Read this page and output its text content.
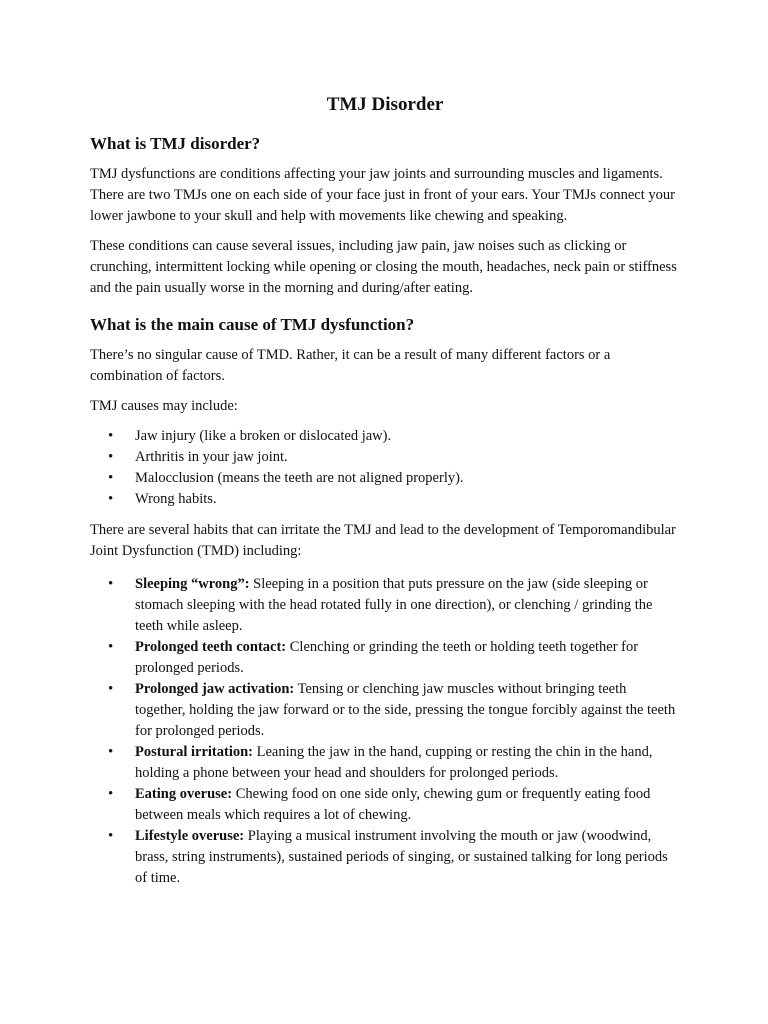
TMJ Disorder
What is TMJ disorder?

TMJ dysfunctions are conditions affecting your jaw joints and surrounding muscles and ligaments. There are two TMJs one on each side of your face just in front of your ears. Your TMJs connect your lower jawbone to your skull and help with movements like chewing and speaking.

These conditions can cause several issues, including jaw pain, jaw noises such as clicking or crunching, intermittent locking while opening or closing the mouth, headaches, neck pain or stiffness and the pain usually worse in the morning and during/after eating.

What is the main cause of TMJ dysfunction?

There’s no singular cause of TMD. Rather, it can be a result of many different factors or a combination of factors.

TMJ causes may include:

• Jaw injury (like a broken or dislocated jaw).
• Arthritis in your jaw joint.
• Malocclusion (means the teeth are not aligned properly).
• Wrong habits.

There are several habits that can irritate the TMJ and lead to the development of Temporomandibular Joint Dysfunction (TMD) including:

• Sleeping “wrong”: Sleeping in a position that puts pressure on the jaw (side sleeping or stomach sleeping with the head rotated fully in one direction), or clenching / grinding the teeth while asleep.
• Prolonged teeth contact: Clenching or grinding the teeth or holding teeth together for prolonged periods.
• Prolonged jaw activation: Tensing or clenching jaw muscles without bringing teeth together, holding the jaw forward or to the side, pressing the tongue forcibly against the teeth for prolonged periods.
• Postural irritation: Leaning the jaw in the hand, cupping or resting the chin in the hand, holding a phone between your head and shoulders for prolonged periods.
• Eating overuse: Chewing food on one side only, chewing gum or frequently eating food between meals which requires a lot of chewing.
• Lifestyle overuse: Playing a musical instrument involving the mouth or jaw (woodwind, brass, string instruments), sustained periods of singing, or sustained talking for long periods of time.
